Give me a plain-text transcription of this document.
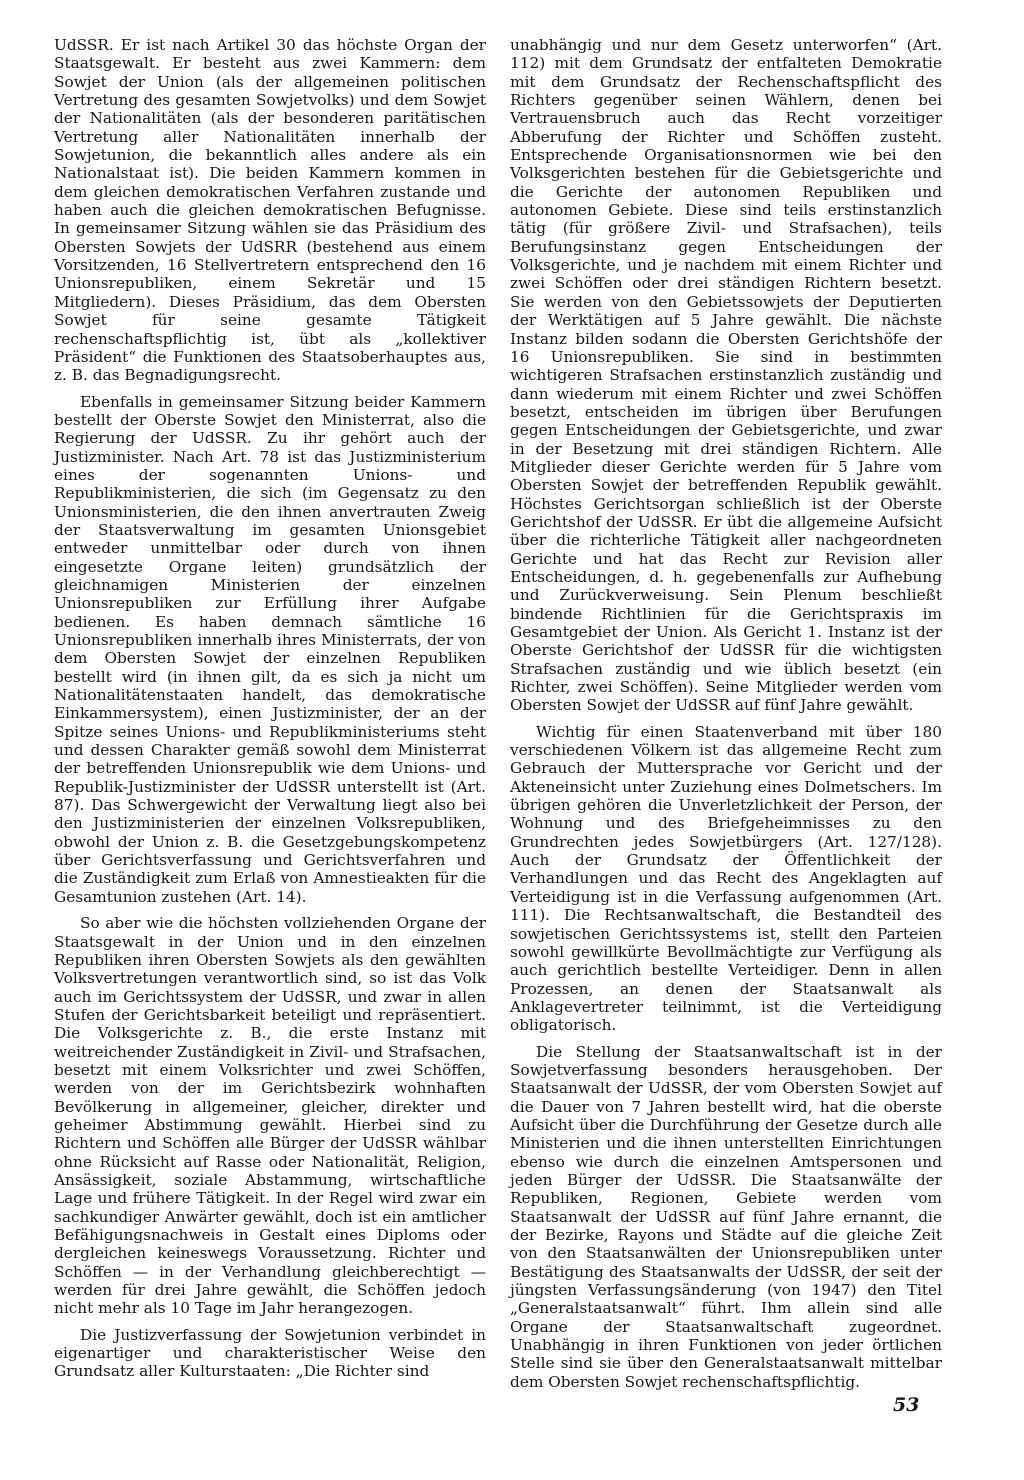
UdSSR. Er ist nach Artikel 30 das höchste Organ der Staatsgewalt. Er besteht aus zwei Kammern: dem Sowjet der Union (als der allgemeinen politischen Vertretung des gesamten Sowjetvolks) und dem Sowjet der Nationalitäten (als der besonderen paritätischen Vertretung aller Nationalitäten innerhalb der Sowjetunion, die bekanntlich alles andere als ein Nationalstaat ist). Die beiden Kammern kommen in dem gleichen demokratischen Verfahren zustande und haben auch die gleichen demokratischen Befugnisse. In gemeinsamer Sitzung wählen sie das Präsidium des Obersten Sowjets der UdSRR (bestehend aus einem Vorsitzenden, 16 Stellvertretern entsprechend den 16 Unionsrepubliken, einem Sekretär und 15 Mitgliedern). Dieses Präsidium, das dem Obersten Sowjet für seine gesamte Tätigkeit rechenschaftspflichtig ist, übt als „kollektiver Präsident“ die Funktionen des Staatsoberhauptes aus, z. B. das Begnadigungsrecht.

Ebenfalls in gemeinsamer Sitzung beider Kammern bestellt der Oberste Sowjet den Ministerrat, also die Regierung der UdSSR. Zu ihr gehört auch der Justizminister. Nach Art. 78 ist das Justizministerium eines der sogenannten Unions- und Republikministerien, die sich (im Gegensatz zu den Unionsministerien, die den ihnen anvertrauten Zweig der Staatsverwaltung im gesamten Unionsgebiet entweder unmittelbar oder durch von ihnen eingesetzte Organe leiten) grundsätzlich der gleichnamigen Ministerien der einzelnen Unionsrepubliken zur Erfüllung ihrer Aufgabe bedienen. Es haben demnach sämtliche 16 Unionsrepubliken innerhalb ihres Ministerrats, der von dem Obersten Sowjet der einzelnen Republiken bestellt wird (in ihnen gilt, da es sich ja nicht um Nationalitätenstaaten handelt, das demokratische Einkammersystem), einen Justizminister, der an der Spitze seines Unions- und Republikministeriums steht und dessen Charakter gemäß sowohl dem Ministerrat der betreffenden Unionsrepublik wie dem Unions- und Republik-Justizminister der UdSSR unterstellt ist (Art. 87). Das Schwergewicht der Verwaltung liegt also bei den Justizministerien der einzelnen Volksrepubliken, obwohl der Union z. B. die Gesetzgebungskompetenz über Gerichtsverfassung und Gerichtsverfahren und die Zuständigkeit zum Erlaß von Amnestieakten für die Gesamtunion zustehen (Art. 14).

So aber wie die höchsten vollziehenden Organe der Staatsgewalt in der Union und in den einzelnen Republiken ihren Obersten Sowjets als den gewählten Volksvertretungen verantwortlich sind, so ist das Volk auch im Gerichtssystem der UdSSR, und zwar in allen Stufen der Gerichtsbarkeit beteiligt und repräsentiert. Die Volksgerichte z. B., die erste Instanz mit weitreichender Zuständigkeit in Zivil- und Strafsachen, besetzt mit einem Volksrichter und zwei Schöffen, werden von der im Gerichtsbezirk wohnhaften Bevölkerung in allgemeiner, gleicher, direkter und geheimer Abstimmung gewählt. Hierbei sind zu Richtern und Schöffen alle Bürger der UdSSR wählbar ohne Rücksicht auf Rasse oder Nationalität, Religion, Ansässigkeit, soziale Abstammung, wirtschaftliche Lage und frühere Tätigkeit. In der Regel wird zwar ein sachkundiger Anwärter gewählt, doch ist ein amtlicher Befähigungsnachweis in Gestalt eines Diploms oder dergleichen keineswegs Voraussetzung. Richter und Schöffen — in der Verhandlung gleichberechtigt — werden für drei Jahre gewählt, die Schöffen jedoch nicht mehr als 10 Tage im Jahr herangezogen.

Die Justizverfassung der Sowjetunion verbindet in eigenartiger und charakteristischer Weise den Grundsatz aller Kulturstaaten: „Die Richter sind

unabhängig und nur dem Gesetz unterworfen“ (Art. 112) mit dem Grundsatz der entfalteten Demokratie mit dem Grundsatz der Rechenschaftspflicht des Richters gegenüber seinen Wählern, denen bei Vertrauensbruch auch das Recht vorzeitiger Abberufung der Richter und Schöffen zusteht. Entsprechende Organisationsnormen wie bei den Volksgerichten bestehen für die Gebietsgerichte und die Gerichte der autonomen Republiken und autonomen Gebiete. Diese sind teils erstinstanzlich tätig (für größere Zivil- und Strafsachen), teils Berufungsinstanz gegen Entscheidungen der Volksgerichte, und je nachdem mit einem Richter und zwei Schöffen oder drei ständigen Richtern besetzt. Sie werden von den Gebietssowjets der Deputierten der Werktätigen auf 5 Jahre gewählt. Die nächste Instanz bilden sodann die Obersten Gerichtshöfe der 16 Unionsrepubliken. Sie sind in bestimmten wichtigeren Strafsachen erstinstanzlich zuständig und dann wiederum mit einem Richter und zwei Schöffen besetzt, entscheiden im übrigen über Berufungen gegen Entscheidungen der Gebietsgerichte, und zwar in der Besetzung mit drei ständigen Richtern. Alle Mitglieder dieser Gerichte werden für 5 Jahre vom Obersten Sowjet der betreffenden Republik gewählt. Höchstes Gerichtsorgan schließlich ist der Oberste Gerichtshof der UdSSR. Er übt die allgemeine Aufsicht über die richterliche Tätigkeit aller nachgeordneten Gerichte und hat das Recht zur Revision aller Entscheidungen, d. h. gegebenenfalls zur Aufhebung und Zurückverweisung. Sein Plenum beschließt bindende Richtlinien für die Gerichtspraxis im Gesamtgebiet der Union. Als Gericht 1. Instanz ist der Oberste Gerichtshof der UdSSR für die wichtigsten Strafsachen zuständig und wie üblich besetzt (ein Richter, zwei Schöffen). Seine Mitglieder werden vom Obersten Sowjet der UdSSR auf fünf Jahre gewählt.

Wichtig für einen Staatenverband mit über 180 verschiedenen Völkern ist das allgemeine Recht zum Gebrauch der Muttersprache vor Gericht und der Akteneinsicht unter Zuziehung eines Dolmetschers. Im übrigen gehören die Unverletzlichkeit der Person, der Wohnung und des Briefgeheimnisses zu den Grundrechten jedes Sowjetbürgers (Art. 127/128). Auch der Grundsatz der Öffentlichkeit der Verhandlungen und das Recht des Angeklagten auf Verteidigung ist in die Verfassung aufgenommen (Art. 111). Die Rechtsanwaltschaft, die Bestandteil des sowjetischen Gerichtssystems ist, stellt den Parteien sowohl gewillkürte Bevollmächtigte zur Verfügung als auch gerichtlich bestellte Verteidiger. Denn in allen Prozessen, an denen der Staatsanwalt als Anklagevertreter teilnimmt, ist die Verteidigung obligatorisch.

Die Stellung der Staatsanwaltschaft ist in der Sowjetverfassung besonders herausgehoben. Der Staatsanwalt der UdSSR, der vom Obersten Sowjet auf die Dauer von 7 Jahren bestellt wird, hat die oberste Aufsicht über die Durchführung der Gesetze durch alle Ministerien und die ihnen unterstellten Einrichtungen ebenso wie durch die einzelnen Amtspersonen und jeden Bürger der UdSSR. Die Staatsanwälte der Republiken, Regionen, Gebiete werden vom Staatsanwalt der UdSSR auf fünf Jahre ernannt, die der Bezirke, Rayons und Städte auf die gleiche Zeit von den Staatsanwälten der Unionsrepubliken unter Bestätigung des Staatsanwalts der UdSSR, der seit der jüngsten Verfassungsänderung (von 1947) den Titel „Generalstaatsanwalt“ führt. Ihm allein sind alle Organe der Staatsanwaltschaft zugeordnet. Unabhängig in ihren Funktionen von jeder örtlichen Stelle sind sie über den Generalstaatsanwalt mittelbar dem Obersten Sowjet rechenschaftspflichtig.

53
